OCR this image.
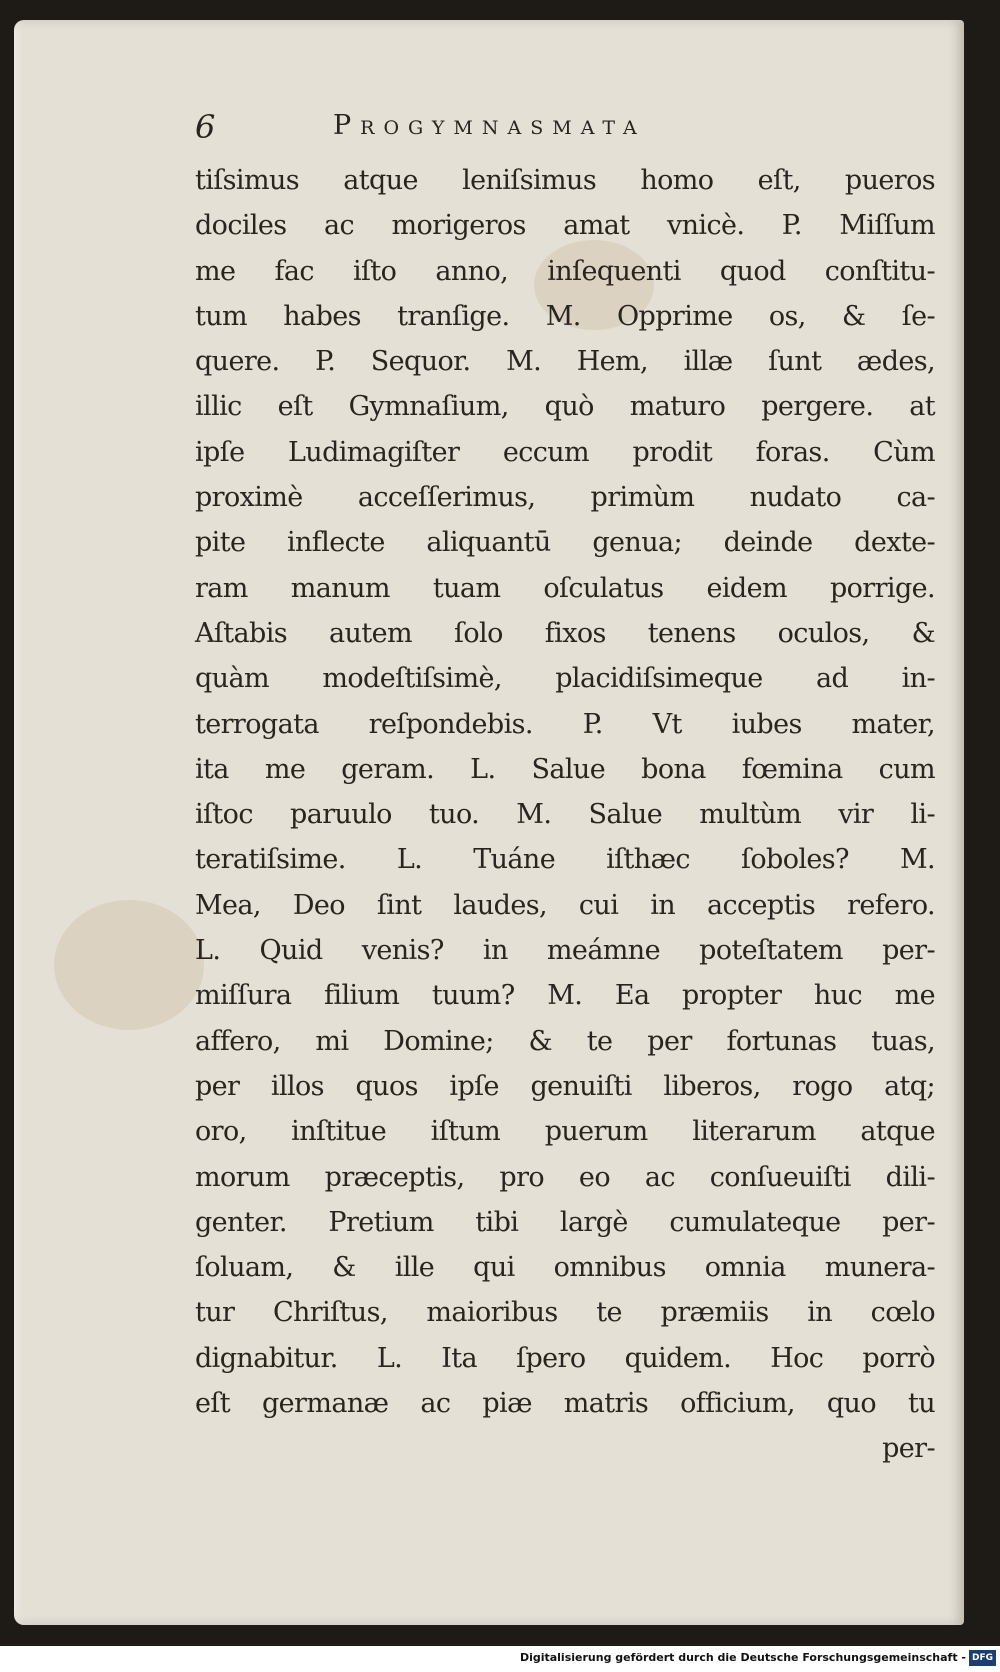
6	Progymnasmata
tiſsimus atque leniſsimus homo eſt, pueros
dociles ac morigeros amat vnicè. P. Miſſum
me fac iſto anno, inſequenti quod conſtitu-
tum habes tranſige. M. Opprime os, & ſe-
quere. P. Sequor. M. Hem, illæ ſunt ædes,
illic eſt Gymnaſium, quò maturo pergere. at
ipſe Ludimagiſter eccum prodit foras. Cùm
proximè acceſſerimus, primùm nudato ca-
pite inflecte aliquantū genua; deinde dexte-
ram manum tuam oſculatus eidem porrige.
Aſtabis autem ſolo fixos tenens oculos, &
quàm modeſtiſsimè, placidiſsimeque ad in-
terrogata reſpondebis. P. Vt iubes mater,
ita me geram. L. Salue bona fœmina cum
iſtoc paruulo tuo. M. Salue multùm vir li-
teratiſsime. L. Tuáne iſthæc ſoboles? M.
Mea, Deo ſint laudes, cui in acceptis refero.
L. Quid venis? in meámne poteſtatem per-
miſſura filium tuum? M. Ea propter huc me
affero, mi Domine; & te per fortunas tuas,
per illos quos ipſe genuiſti liberos, rogo atq;
oro, inſtitue iſtum puerum literarum atque
morum præceptis, pro eo ac conſueuiſti dili-
genter. Pretium tibi largè cumulateque per-
ſoluam, & ille qui omnibus omnia munera-
tur Chriſtus, maioribus te præmiis in cœlo
dignabitur. L. Ita ſpero quidem. Hoc porrò
eſt germanæ ac piæ matris officium, quo tu
per-
Digitalisierung gefördert durch die Deutsche Forschungsgemeinschaft - DFG
